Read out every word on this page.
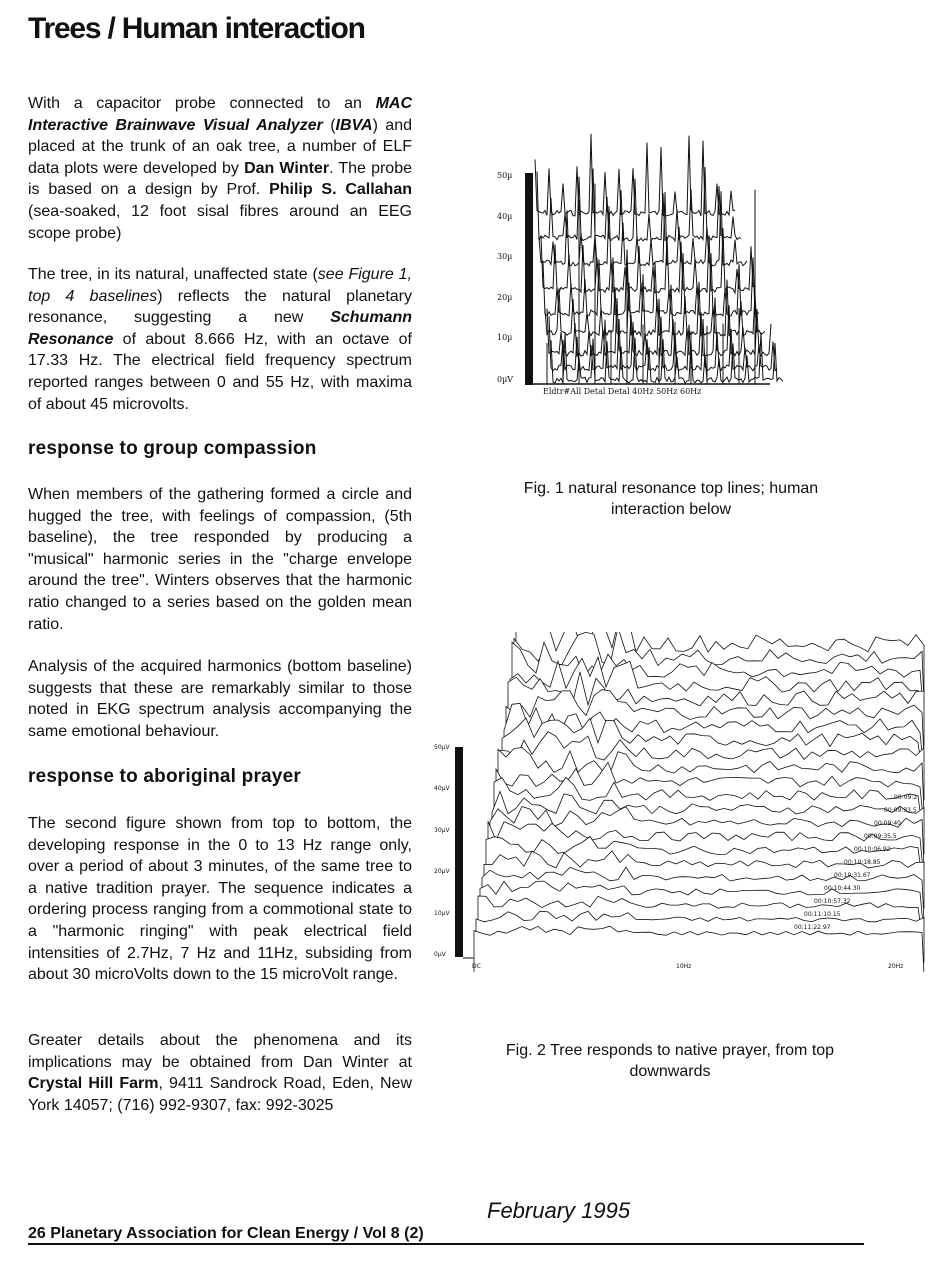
Trees / Human interaction

With a capacitor probe connected to an MAC Interactive Brainwave Visual Analyzer (IBVA) and placed at the trunk of an oak tree, a number of ELF data plots were developed by Dan Winter. The probe is based on a design by Prof. Philip S. Callahan (sea-soaked, 12 foot sisal fibres around an EEG scope probe)

The tree, in its natural, unaffected state (see Figure 1, top 4 baselines) reflects the natural planetary resonance, suggesting a new Schumann Resonance of about 8.666 Hz, with an octave of 17.33 Hz. The electrical field frequency spectrum reported ranges between 0 and 55 Hz, with maxima of about 45 microvolts.

response to group compassion

When members of the gathering formed a circle and hugged the tree, with feelings of compassion, (5th baseline), the tree responded by producing a "musical" harmonic series in the "charge envelope around the tree". Winters observes that the harmonic ratio changed to a series based on the golden mean ratio.

Analysis of the acquired harmonics (bottom baseline) suggests that these are remarkably similar to those noted in EKG spectrum analysis accompanying the same emotional behaviour.

response to aboriginal prayer

The second figure shown from top to bottom, the developing response in the 0 to 13 Hz range only, over a period of about 3 minutes, of the same tree to a native tradition prayer. The sequence indicates a ordering process ranging from a commotional state to a "harmonic ringing" with peak electrical field intensities of 2.7Hz, 7 Hz and 11Hz, subsiding from about 30 microVolts down to the 15 microVolt range.

Greater details about the phenomena and its implications may be obtained from Dan Winter at Crystal Hill Farm, 9411 Sandrock Road, Eden, New York 14057; (716) 992-9307, fax: 992-3025

50µ
40µ
30µ
20µ
10µ
0µV
Eldtr#All Detal Detal 40Hz 50Hz 60Hz
Fig. 1 natural resonance top lines; human interaction below
50µV
40µV
30µV
20µV
10µV
0µV
00:09:2
00:09:33.5
00:09:40
00:09:35.5
00:10:06.92
00:10:18.85
00:10:31.67
00:10:44.30
00:10:57.32
00:11:10.15
00:11:22.97
DC	10Hz	20Hz
Fig. 2 Tree responds to native prayer, from top downwards
February 1995
26 Planetary Association for Clean Energy / Vol 8 (2)
